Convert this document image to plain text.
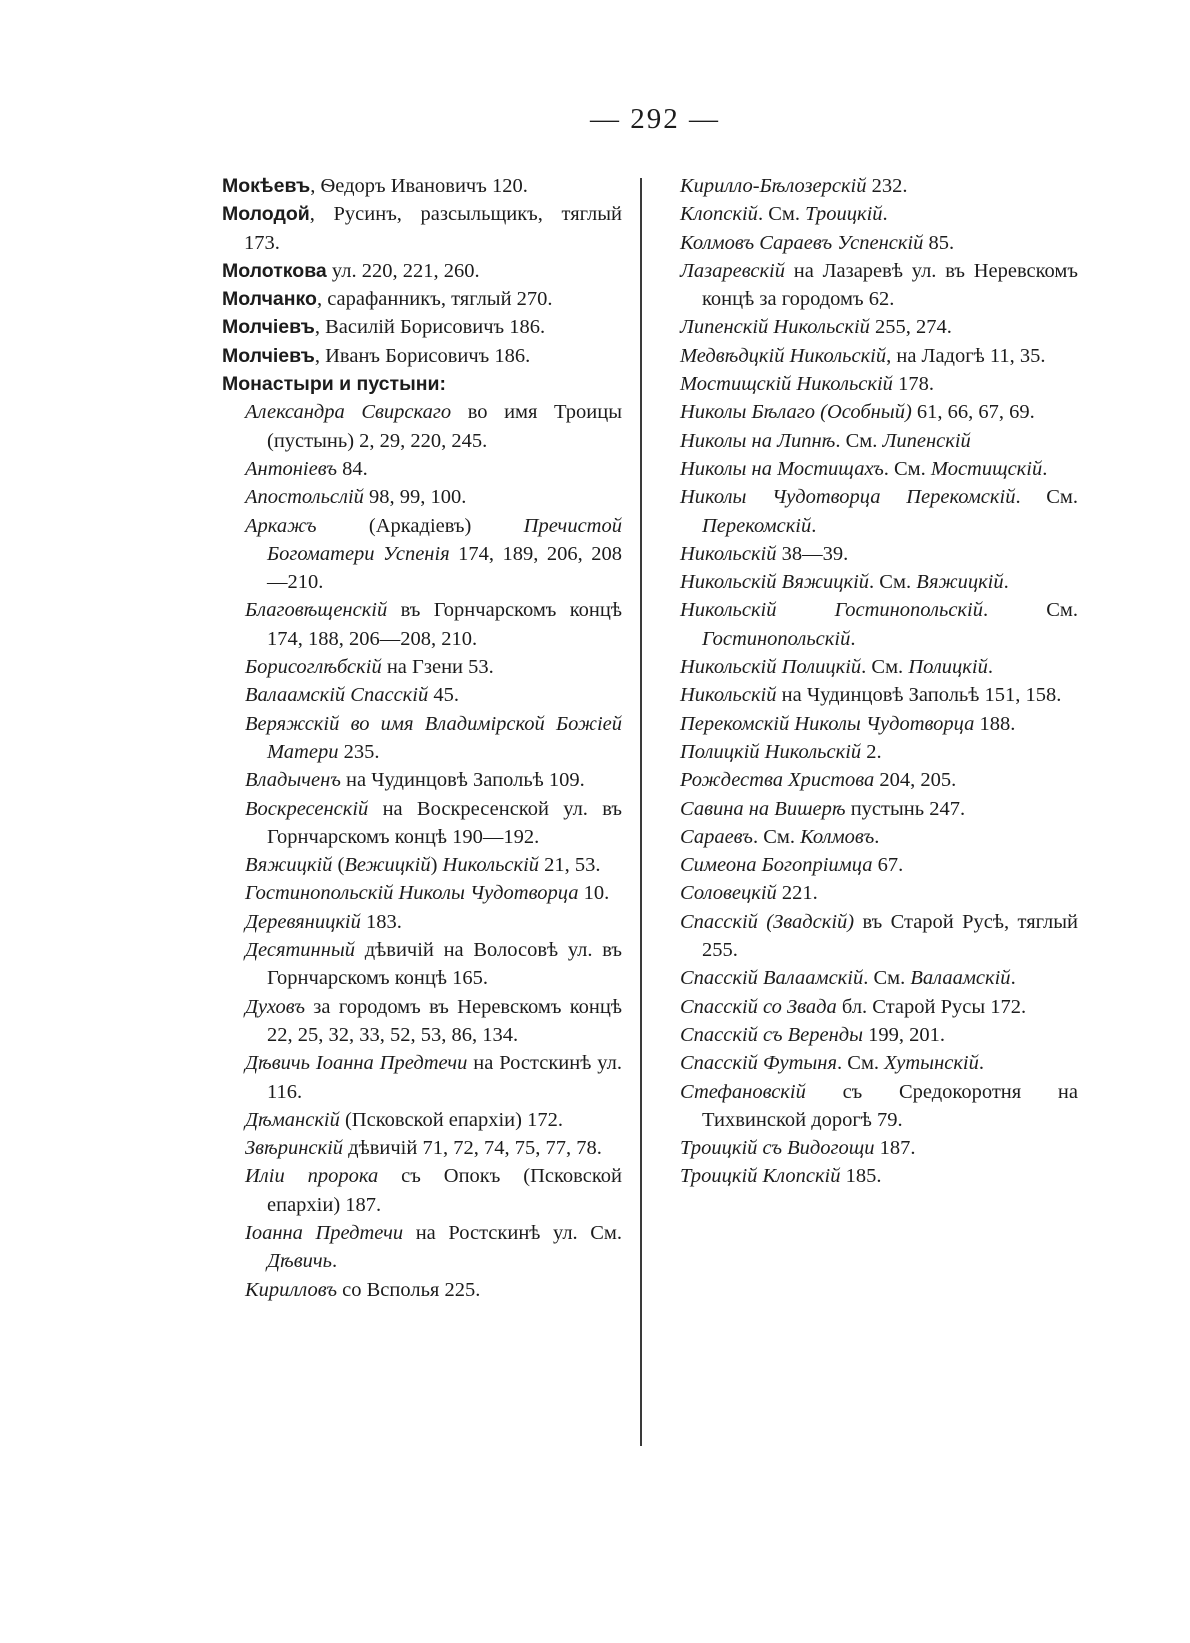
— 292 —
Мокѣевъ, Ѳедоръ Ивановичъ 120.
Молодой, Русинъ, разсыльщикъ, тяглый 173.
Молоткова ул. 220, 221, 260.
Молчанко, сарафанникъ, тяглый 270.
Молчiевъ, Василiй Борисовичъ 186.
Молчiевъ, Иванъ Борисовичъ 186.
Монастыри и пустыни:
Александра Свирскаго во имя Троицы (пустынь) 2, 29, 220, 245.
Антонiевъ 84.
Апостольслiй 98, 99, 100.
Аркажъ (Аркадiевъ) Пречистой Богоматери Успенiя 174, 189, 206, 208—210.
Благовѣщенскiй въ Горнчарскомъ концѣ 174, 188, 206—208, 210.
Борисоглѣбскiй на Гзени 53.
Валаамскiй Спасскiй 45.
Веряжскiй во имя Владимiрской Божiей Матери 235.
Владыченъ на Чудинцовѣ Запольѣ 109.
Воскресенскiй на Воскресенской ул. въ Горнчарскомъ концѣ 190—192.
Вяжицкiй (Вежицкiй) Никольскiй 21, 53.
Гостинопольскiй Николы Чудотворца 10.
Деревяницкiй 183.
Десятинный дѣвичiй на Волосовѣ ул. въ Горнчарскомъ концѣ 165.
Духовъ за городомъ въ Неревскомъ концѣ 22, 25, 32, 33, 52, 53, 86, 134.
Дѣвичь Iоанна Предтечи на Ростскинѣ ул. 116.
Дѣманскiй (Псковской епархiи) 172.
Звѣринскiй дѣвичiй 71, 72, 74, 75, 77, 78.
Илiи пророка съ Опокъ (Псковской епархiи) 187.
Iоанна Предтечи на Ростскинѣ ул. См. Дѣвичь.
Кирилловъ со Вcполья 225.
Кирилло-Бѣлозерскiй 232.
Клопскiй. См. Троицкiй.
Колмовъ Сараевъ Успенскiй 85.
Лазаревскiй на Лазаревѣ ул. въ Неревскомъ концѣ за городомъ 62.
Липенскiй Никольскiй 255, 274.
Медвѣдцкiй Никольскiй, на Ладогѣ 11, 35.
Мостищскiй Никольскiй 178.
Николы Бѣлаго (Особный) 61, 66, 67, 69.
Николы на Липнѣ. См. Липенскiй
Николы на Мостищахъ. См. Мостищскiй.
Николы Чудотворца Перекомскiй. См. Перекомскiй.
Никольскiй 38—39.
Никольскiй Вяжицкiй. См. Вяжицкiй.
Никольскiй Гостинопольскiй. См. Гостинопольскiй.
Никольскiй Полицкiй. См. Полицкiй.
Никольскiй на Чудинцовѣ Запольѣ 151, 158.
Перекомскiй Николы Чудотворца 188.
Полицкiй Никольскiй 2.
Рождества Христова 204, 205.
Савина на Вишерѣ пустынь 247.
Сараевъ. См. Колмовъ.
Симеона Богопрiимца 67.
Соловецкiй 221.
Спасскiй (Звадскiй) въ Старой Русѣ, тяглый 255.
Спасскiй Валаамскiй. См. Валаамскiй.
Спасскiй со Звада бл. Старой Русы 172.
Спасскiй съ Веренды 199, 201.
Спасскiй Футыня. См. Хутынскiй.
Стефановскiй съ Средокоротня на Тихвинской дорогѣ 79.
Троицкiй съ Видогощи 187.
Троицкiй Клопскiй 185.
